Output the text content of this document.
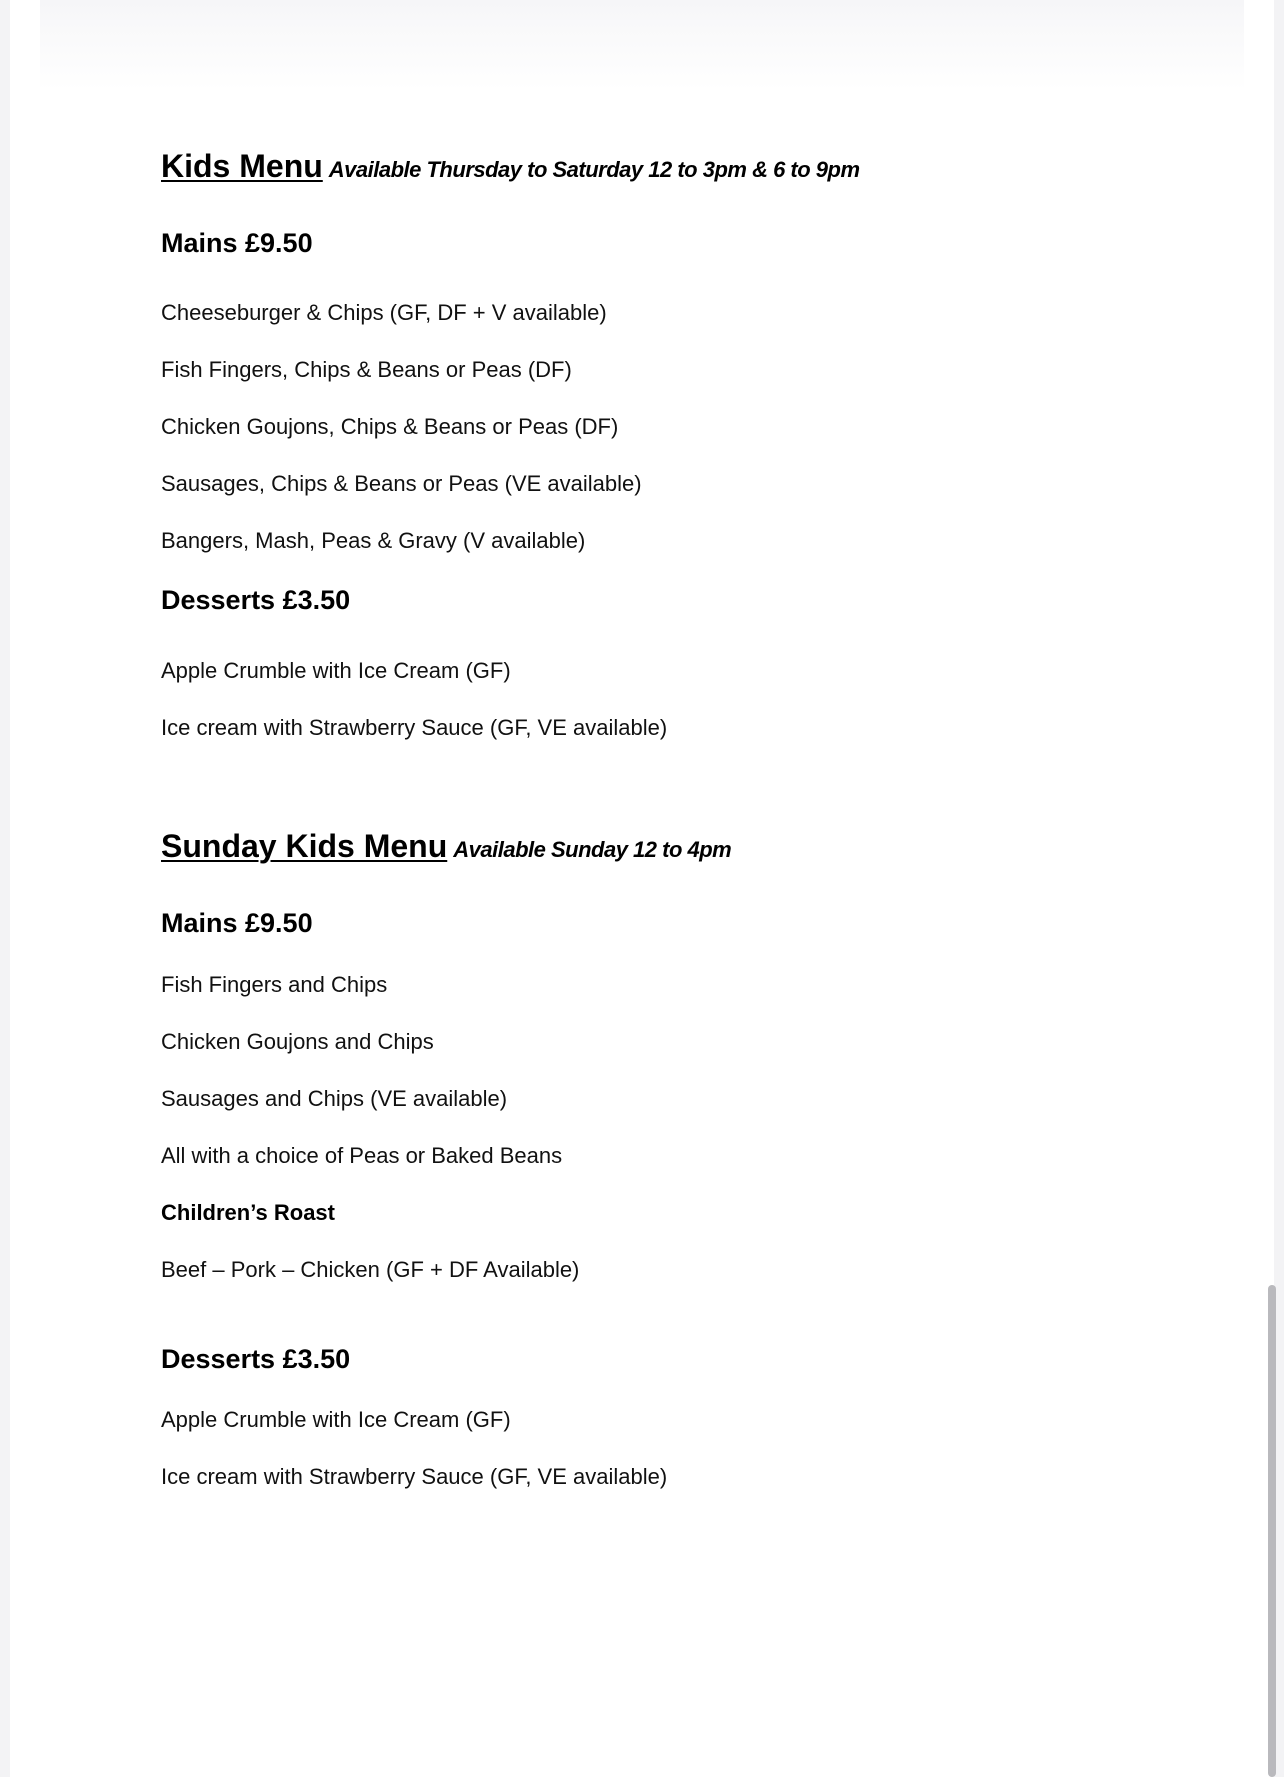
Kids Menu Available Thursday to Saturday 12 to 3pm & 6 to 9pm
Mains £9.50
Cheeseburger & Chips (GF, DF + V available)
Fish Fingers, Chips & Beans or Peas (DF)
Chicken Goujons, Chips & Beans or Peas (DF)
Sausages, Chips & Beans or Peas (VE available)
Bangers, Mash, Peas & Gravy (V available)
Desserts £3.50
Apple Crumble with Ice Cream (GF)
Ice cream with Strawberry Sauce (GF, VE available)
Sunday Kids Menu Available Sunday 12 to 4pm
Mains £9.50
Fish Fingers and Chips
Chicken Goujons and Chips
Sausages and Chips (VE available)
All with a choice of Peas or Baked Beans
Children’s Roast
Beef – Pork – Chicken (GF + DF Available)
Desserts £3.50
Apple Crumble with Ice Cream (GF)
Ice cream with Strawberry Sauce (GF, VE available)
